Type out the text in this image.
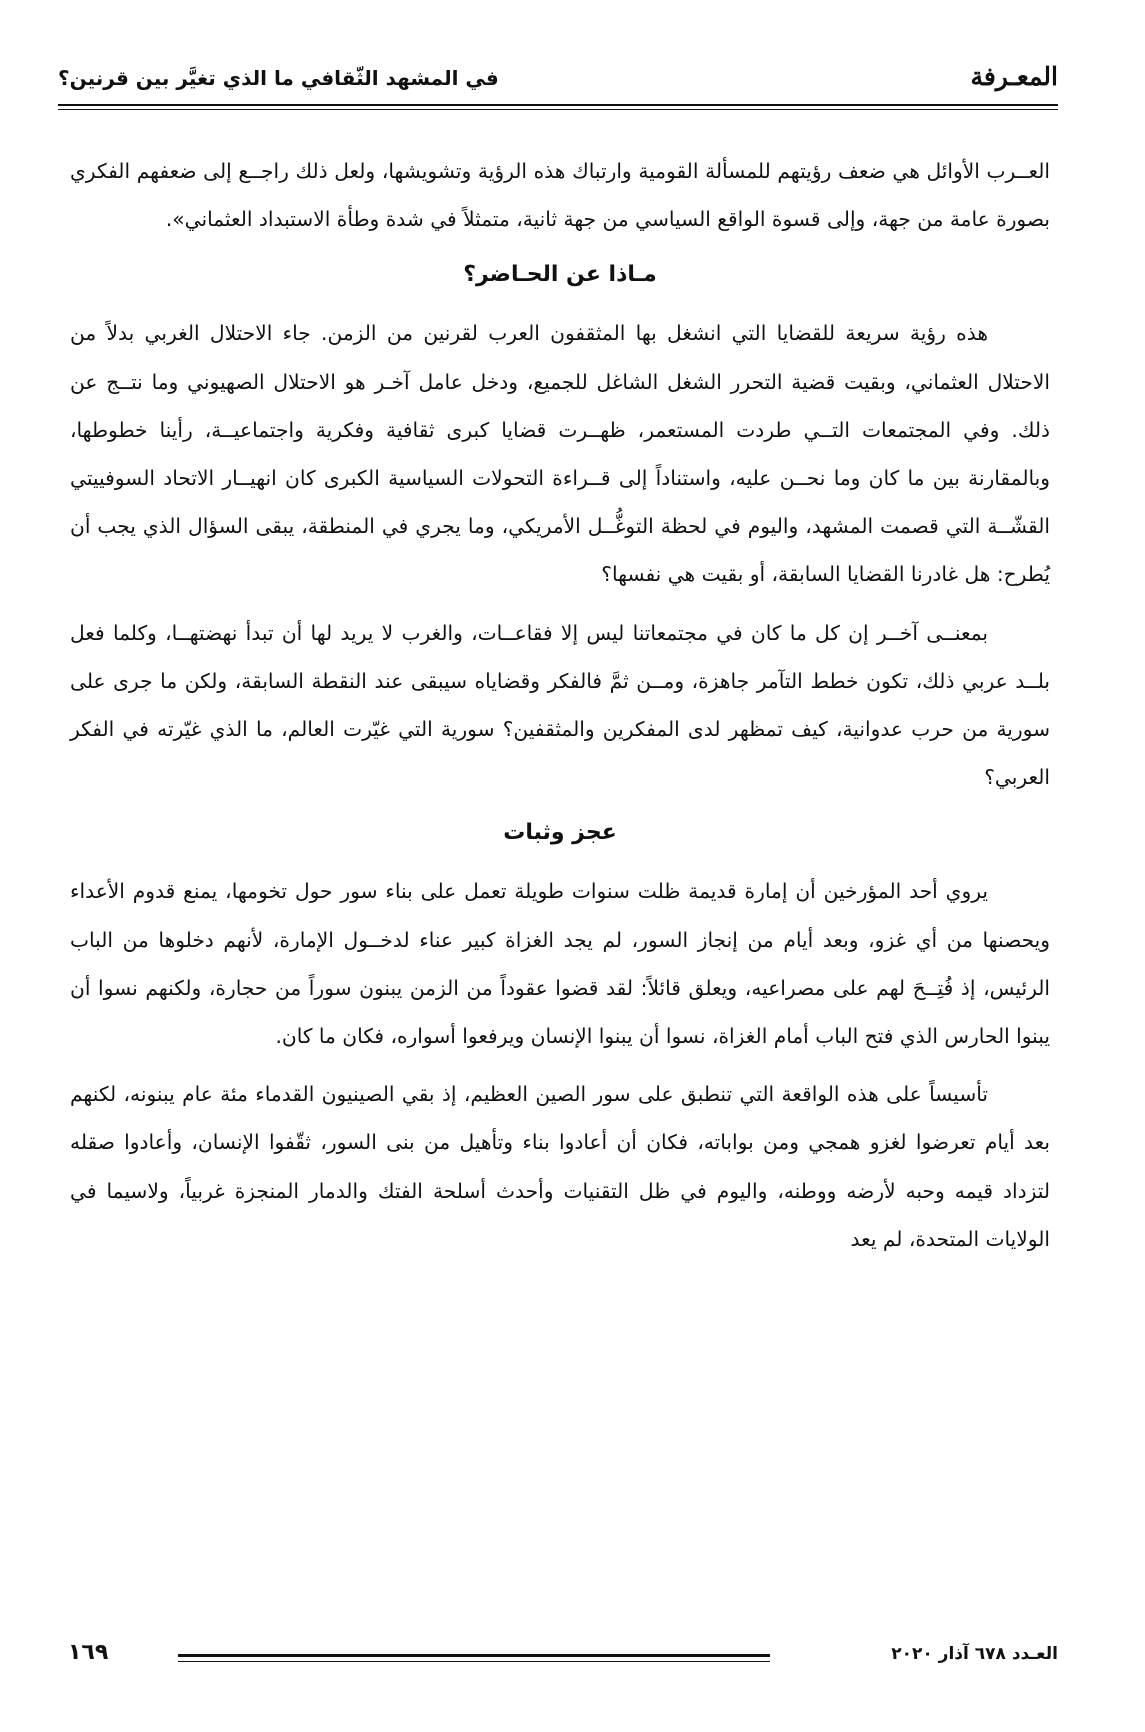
المعـرفة
في المشهد الثّقافي ما الذي تغيَّر بين قرنين؟

العــرب الأوائل هي ضعف رؤيتهم للمسألة القومية وارتباك هذه الرؤية وتشويشها، ولعل ذلك راجــع إلى ضعفهم الفكري بصورة عامة من جهة، وإلى قسوة الواقع السياسي من جهة ثانية، متمثلاً في شدة وطأة الاستبداد العثماني».

مـاذا عن الحـاضر؟

هذه رؤية سريعة للقضايا التي انشغل بها المثقفون العرب لقرنين من الزمن. جاء الاحتلال الغربي بدلاً من الاحتلال العثماني، وبقيت قضية التحرر الشغل الشاغل للجميع، ودخل عامل آخـر هو الاحتلال الصهيوني وما نتــج عن ذلك. وفي المجتمعات التــي طردت المستعمر، ظهــرت قضايا كبرى ثقافية وفكرية واجتماعيــة، رأينا خطوطها، وبالمقارنة بين ما كان وما نحــن عليه، واستناداً إلى قــراءة التحولات السياسية الكبرى كان انهيــار الاتحاد السوفييتي القشّــة التي قصمت المشهد، واليوم في لحظة التوغُّــل الأمريكي، وما يجري في المنطقة، يبقى السؤال الذي يجب أن يُطرح: هل غادرنا القضايا السابقة، أو بقيت هي نفسها؟

بمعنــى آخــر إن كل ما كان في مجتمعاتنا ليس إلا فقاعــات، والغرب لا يريد لها أن تبدأ نهضتهــا، وكلما فعل بلــد عربي ذلك، تكون خطط التآمر جاهزة، ومــن ثمَّ فالفكر وقضاياه سيبقى عند النقطة السابقة، ولكن ما جرى على سورية من حرب عدوانية، كيف تمظهر لدى المفكرين والمثقفين؟ سورية التي غيّرت العالم، ما الذي غيّرته في الفكر العربي؟

عجز وثبات

يروي أحد المؤرخين أن إمارة قديمة ظلت سنوات طويلة تعمل على بناء سور حول تخومها، يمنع قدوم الأعداء ويحصنها من أي غزو، وبعد أيام من إنجاز السور، لم يجد الغزاة كبير عناء لدخــول الإمارة، لأنهم دخلوها من الباب الرئيس، إذ فُتِــحَ لهم على مصراعيه، ويعلق قائلاً: لقد قضوا عقوداً من الزمن يبنون سوراً من حجارة، ولكنهم نسوا أن يبنوا الحارس الذي فتح الباب أمام الغزاة، نسوا أن يبنوا الإنسان ويرفعوا أسواره، فكان ما كان.

تأسيساً على هذه الواقعة التي تنطبق على سور الصين العظيم، إذ بقي الصينيون القدماء مئة عام يبنونه، لكنهم بعد أيام تعرضوا لغزو همجي ومن بواباته، فكان أن أعادوا بناء وتأهيل من بنى السور، ثقّفوا الإنسان، وأعادوا صقله لتزداد قيمه وحبه لأرضه ووطنه، واليوم في ظل التقنيات وأحدث أسلحة الفتك والدمار المنجزة غربياً، ولاسيما في الولايات المتحدة، لم يعد

١٦٩	العـدد ٦٧٨ آذار ٢٠٢٠
